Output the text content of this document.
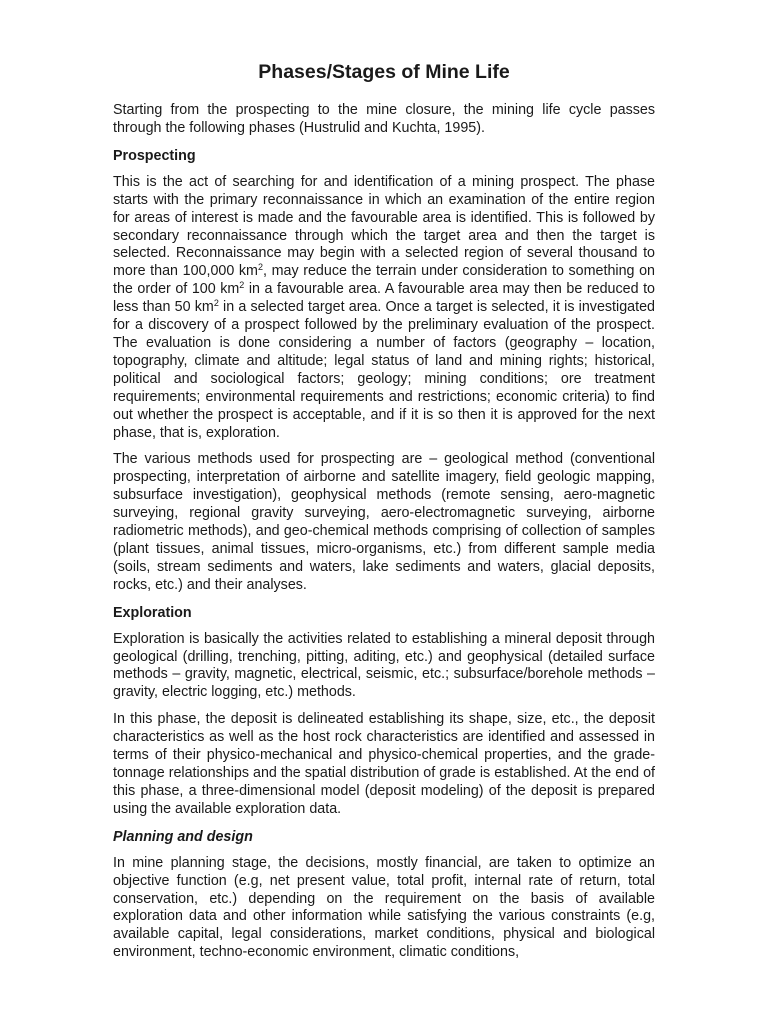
Phases/Stages of Mine Life

Starting from the prospecting to the mine closure, the mining life cycle passes through the following phases (Hustrulid and Kuchta, 1995).

Prospecting

This is the act of searching for and identification of a mining prospect. The phase starts with the primary reconnaissance in which an examination of the entire region for areas of interest is made and the favourable area is identified. This is followed by secondary reconnaissance through which the target area and then the target is selected. Reconnaissance may begin with a selected region of several thousand to more than 100,000 $km^2$, may reduce the terrain under consideration to something on the order of 100 $km^2$ in a favourable area. A favourable area may then be reduced to less than 50 $km^2$ in a selected target area. Once a target is selected, it is investigated for a discovery of a prospect followed by the preliminary evaluation of the prospect. The evaluation is done considering a number of factors (geography – location, topography, climate and altitude; legal status of land and mining rights; historical, political and sociological factors; geology; mining conditions; ore treatment requirements; environmental requirements and restrictions; economic criteria) to find out whether the prospect is acceptable, and if it is so then it is approved for the next phase, that is, exploration.

The various methods used for prospecting are – geological method (conventional prospecting, interpretation of airborne and satellite imagery, field geologic mapping, subsurface investigation), geophysical methods (remote sensing, aero-magnetic surveying, regional gravity surveying, aero-electromagnetic surveying, airborne radiometric methods), and geo-chemical methods comprising of collection of samples (plant tissues, animal tissues, micro-organisms, etc.) from different sample media (soils, stream sediments and waters, lake sediments and waters, glacial deposits, rocks, etc.) and their analyses.

Exploration

Exploration is basically the activities related to establishing a mineral deposit through geological (drilling, trenching, pitting, aditing, etc.) and geophysical (detailed surface methods – gravity, magnetic, electrical, seismic, etc.; subsurface/borehole methods – gravity, electric logging, etc.) methods.

In this phase, the deposit is delineated establishing its shape, size, etc., the deposit characteristics as well as the host rock characteristics are identified and assessed in terms of their physico-mechanical and physico-chemical properties, and the grade-tonnage relationships and the spatial distribution of grade is established. At the end of this phase, a three-dimensional model (deposit modeling) of the deposit is prepared using the available exploration data.

Planning and design

In mine planning stage, the decisions, mostly financial, are taken to optimize an objective function (e.g, net present value, total profit, internal rate of return, total conservation, etc.) depending on the requirement on the basis of available exploration data and other information while satisfying the various constraints (e.g, available capital, legal considerations, market conditions, physical and biological environment, techno-economic environment, climatic conditions,
